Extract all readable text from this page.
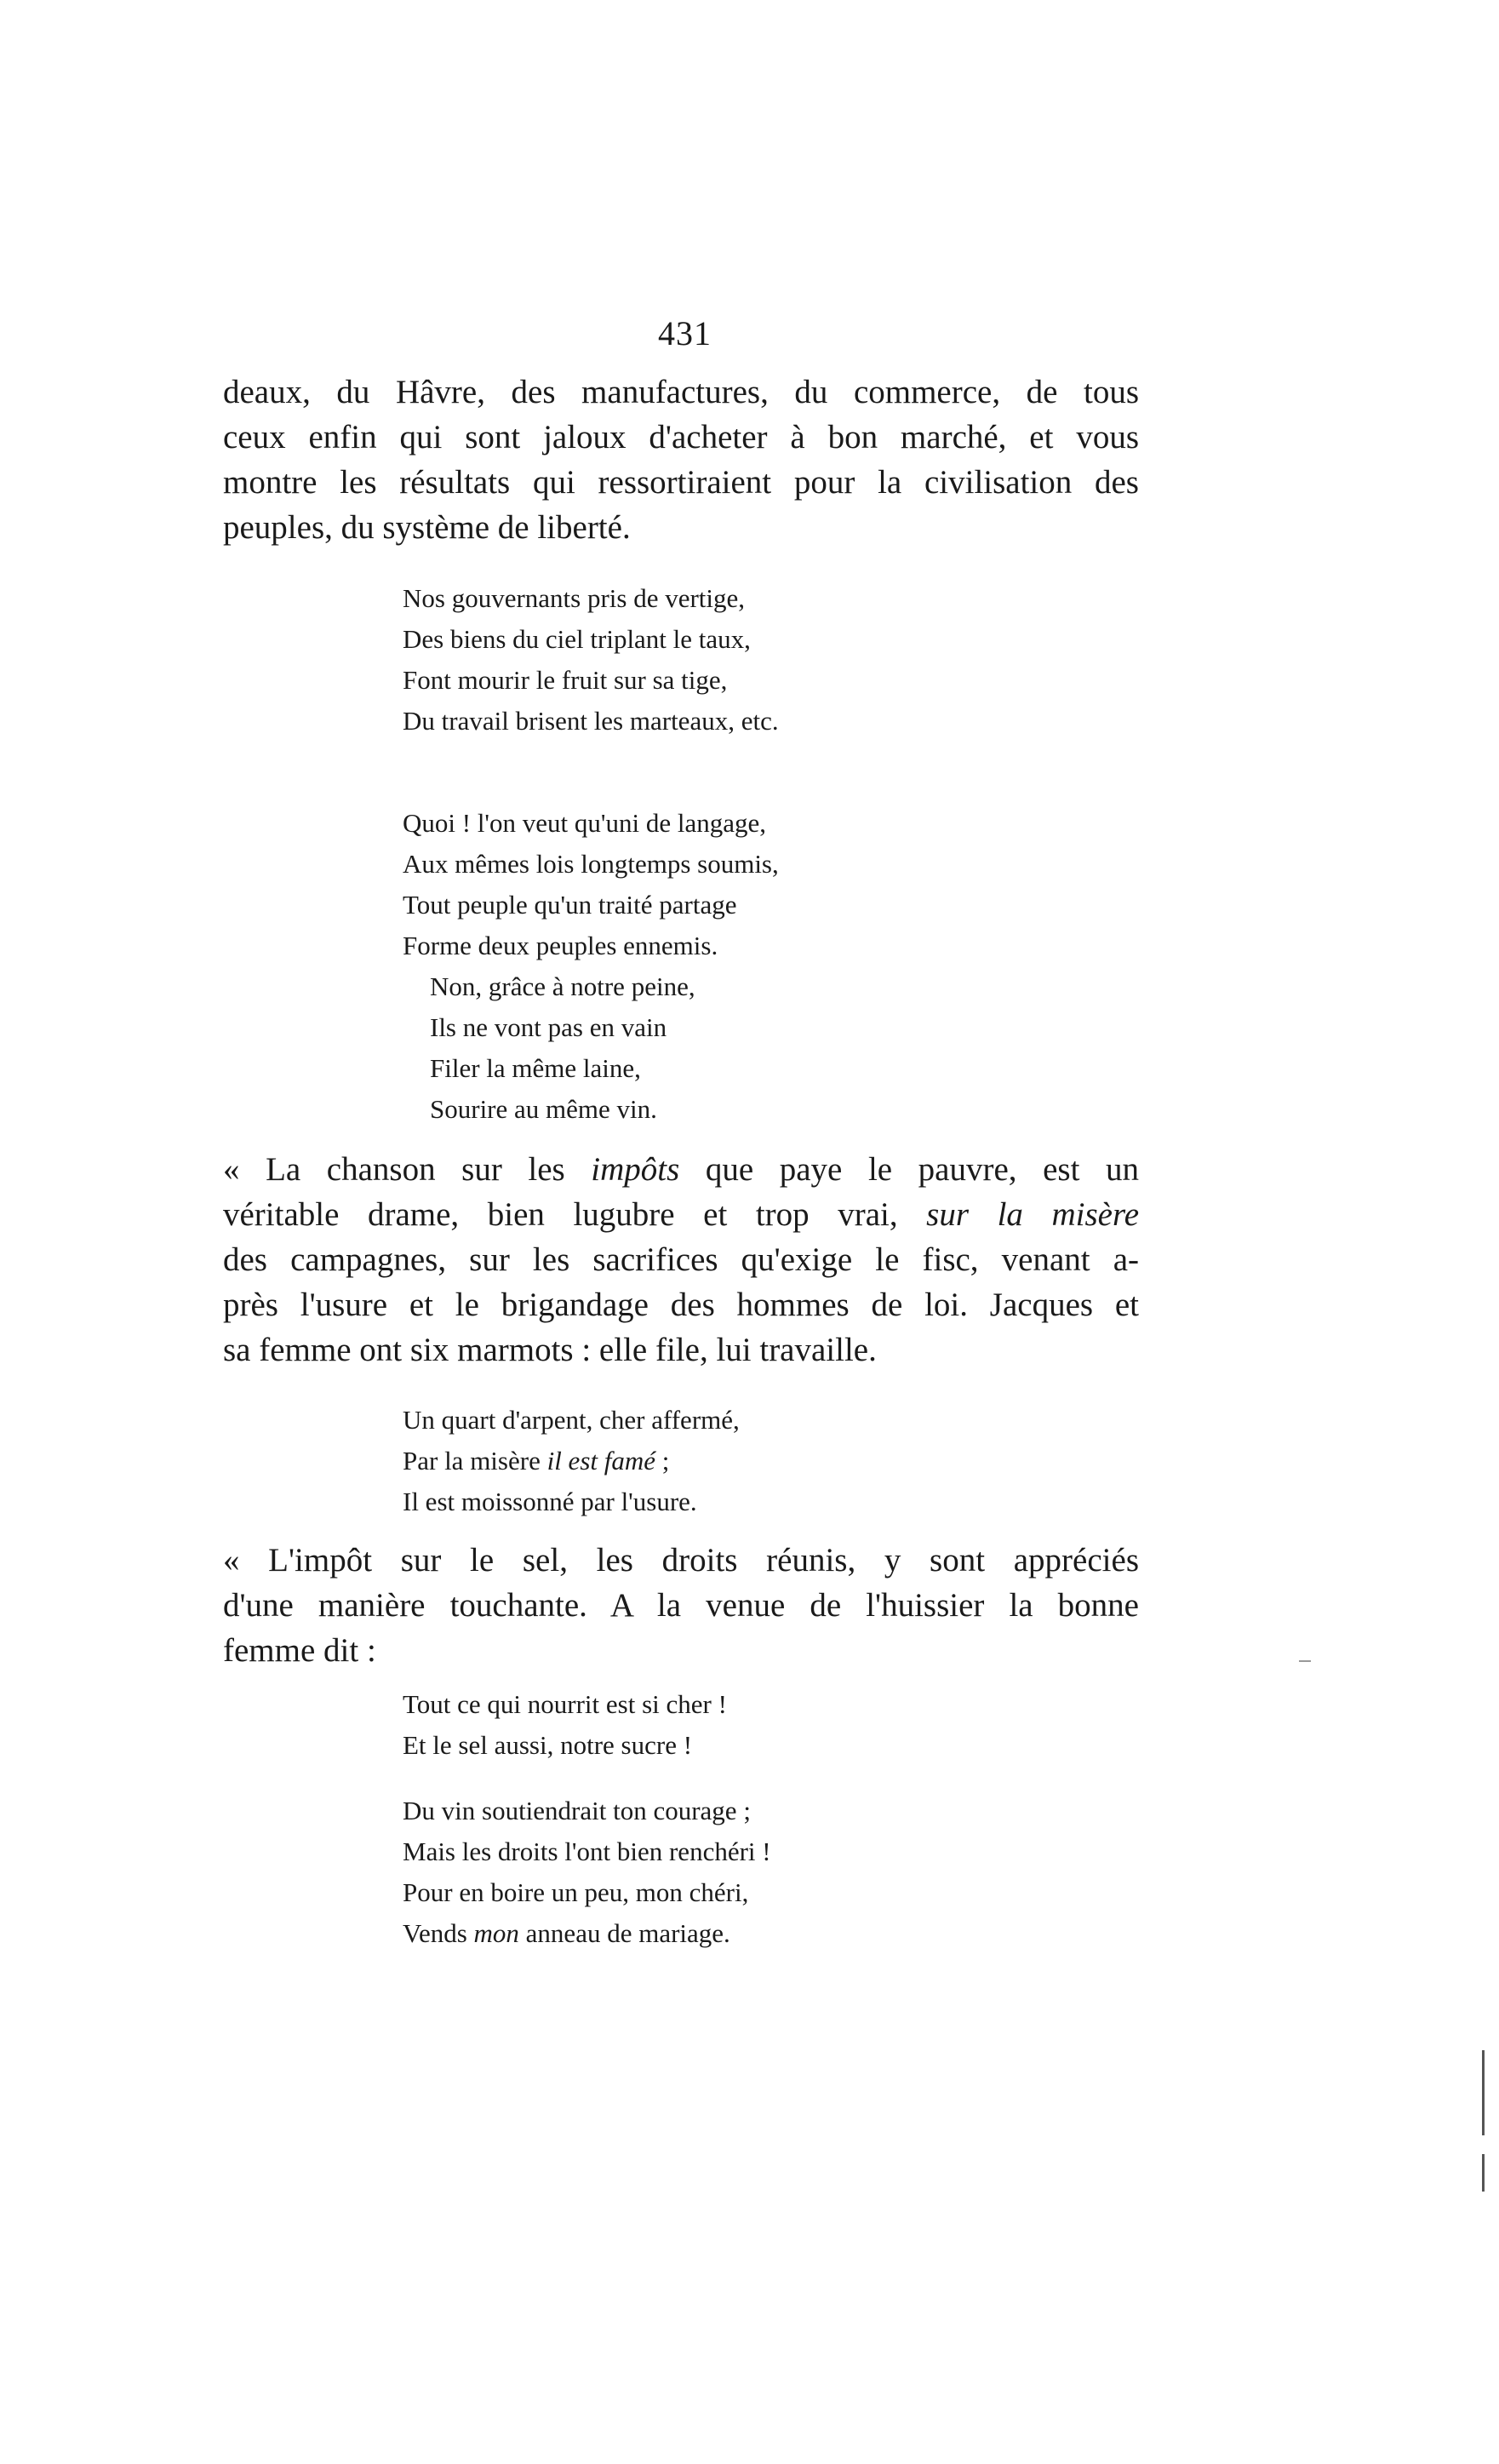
431
deaux, du Hâvre, des manufactures, du commerce, de tous
ceux enfin qui sont jaloux d'acheter à bon marché, et vous
montre les résultats qui ressortiraient pour la civilisation des
peuples, du système de liberté.
Nos gouvernants pris de vertige,
Des biens du ciel triplant le taux,
Font mourir le fruit sur sa tige,
Du travail brisent les marteaux, etc.
Quoi ! l'on veut qu'uni de langage,
Aux mêmes lois longtemps soumis,
Tout peuple qu'un traité partage
Forme deux peuples ennemis.
Non, grâce à notre peine,
Ils ne vont pas en vain
Filer la même laine,
Sourire au même vin.
« La chanson sur les impôts que paye le pauvre, est un
véritable drame, bien lugubre et trop vrai, sur la misère
des campagnes, sur les sacrifices qu'exige le fisc, venant a-
près l'usure et le brigandage des hommes de loi. Jacques et
sa femme ont six marmots : elle file, lui travaille.
Un quart d'arpent, cher affermé,
Par la misère il est famé ;
Il est moissonné par l'usure.
« L'impôt sur le sel, les droits réunis, y sont appréciés
d'une manière touchante. A la venue de l'huissier la bonne
femme dit :
Tout ce qui nourrit est si cher !
Et le sel aussi, notre sucre !
Du vin soutiendrait ton courage ;
Mais les droits l'ont bien renchéri !
Pour en boire un peu, mon chéri,
Vends mon anneau de mariage.
